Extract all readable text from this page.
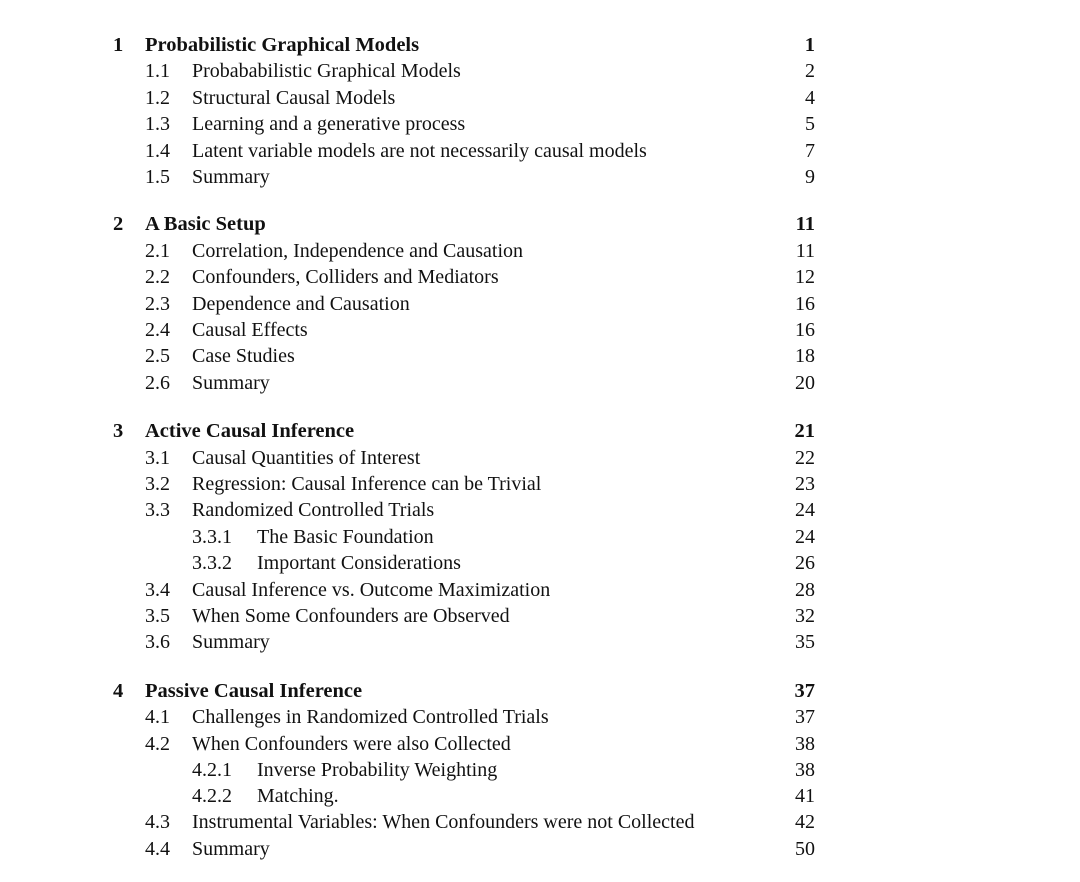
1 Probabilistic Graphical Models	1
1.1 Probababilistic Graphical Models	2
1.2 Structural Causal Models	4
1.3 Learning and a generative process	5
1.4 Latent variable models are not necessarily causal models	7
1.5 Summary	9
2 A Basic Setup	11
2.1 Correlation, Independence and Causation	11
2.2 Confounders, Colliders and Mediators	12
2.3 Dependence and Causation	16
2.4 Causal Effects	16
2.5 Case Studies	18
2.6 Summary	20
3 Active Causal Inference	21
3.1 Causal Quantities of Interest	22
3.2 Regression: Causal Inference can be Trivial	23
3.3 Randomized Controlled Trials	24
3.3.1 The Basic Foundation	24
3.3.2 Important Considerations	26
3.4 Causal Inference vs. Outcome Maximization	28
3.5 When Some Confounders are Observed	32
3.6 Summary	35
4 Passive Causal Inference	37
4.1 Challenges in Randomized Controlled Trials	37
4.2 When Confounders were also Collected	38
4.2.1 Inverse Probability Weighting	38
4.2.2 Matching.	41
4.3 Instrumental Variables: When Confounders were not Collected	42
4.4 Summary	50
